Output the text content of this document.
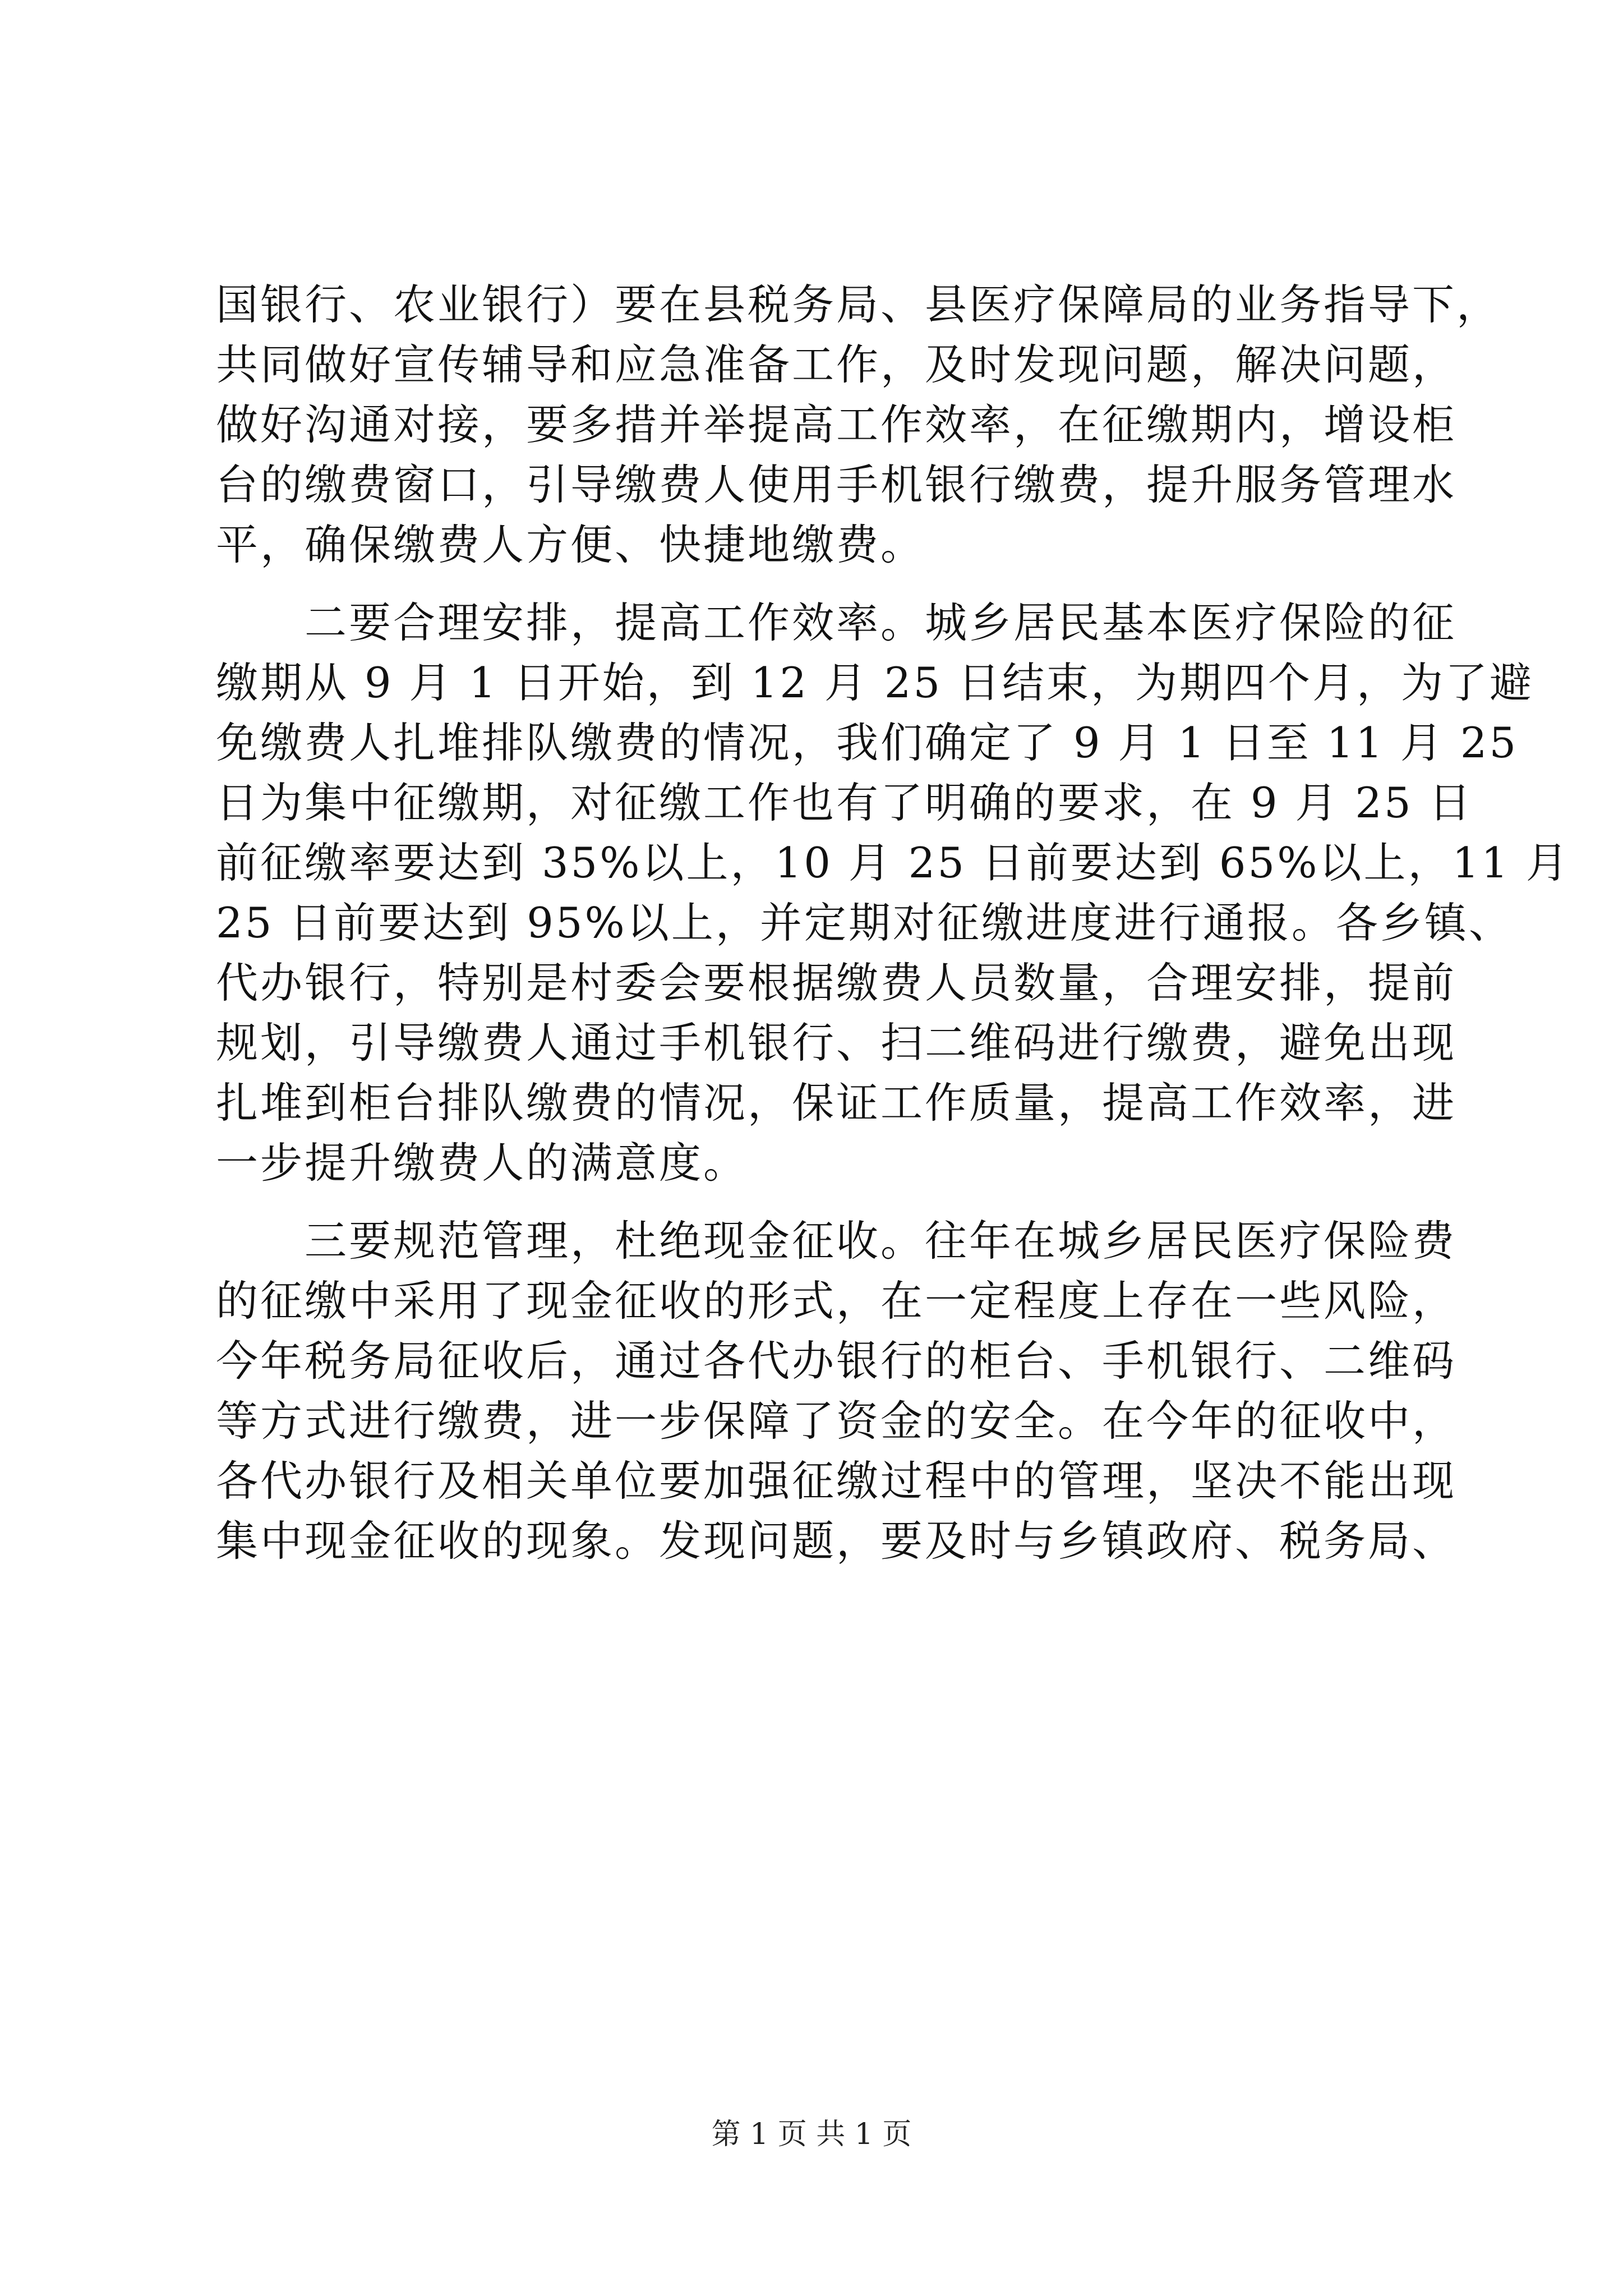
国银行、农业银行）要在县税务局、县医疗保障局的业务指导下，
共同做好宣传辅导和应急准备工作，及时发现问题，解决问题，
做好沟通对接，要多措并举提高工作效率，在征缴期内，增设柜
台的缴费窗口，引导缴费人使用手机银行缴费，提升服务管理水
平，确保缴费人方便、快捷地缴费。
　　二要合理安排，提高工作效率。城乡居民基本医疗保险的征
缴期从 9 月 1 日开始，到 12 月 25 日结束，为期四个月，为了避
免缴费人扎堆排队缴费的情况，我们确定了 9 月 1 日至 11 月 25
日为集中征缴期，对征缴工作也有了明确的要求，在 9 月 25 日
前征缴率要达到 35%以上，10 月 25 日前要达到 65%以上，11 月
25 日前要达到 95%以上，并定期对征缴进度进行通报。各乡镇、
代办银行，特别是村委会要根据缴费人员数量，合理安排，提前
规划，引导缴费人通过手机银行、扫二维码进行缴费，避免出现
扎堆到柜台排队缴费的情况，保证工作质量，提高工作效率，进
一步提升缴费人的满意度。
　　三要规范管理，杜绝现金征收。往年在城乡居民医疗保险费
的征缴中采用了现金征收的形式，在一定程度上存在一些风险，
今年税务局征收后，通过各代办银行的柜台、手机银行、二维码
等方式进行缴费，进一步保障了资金的安全。在今年的征收中，
各代办银行及相关单位要加强征缴过程中的管理，坚决不能出现
集中现金征收的现象。发现问题，要及时与乡镇政府、税务局、
第 1 页 共 1 页
